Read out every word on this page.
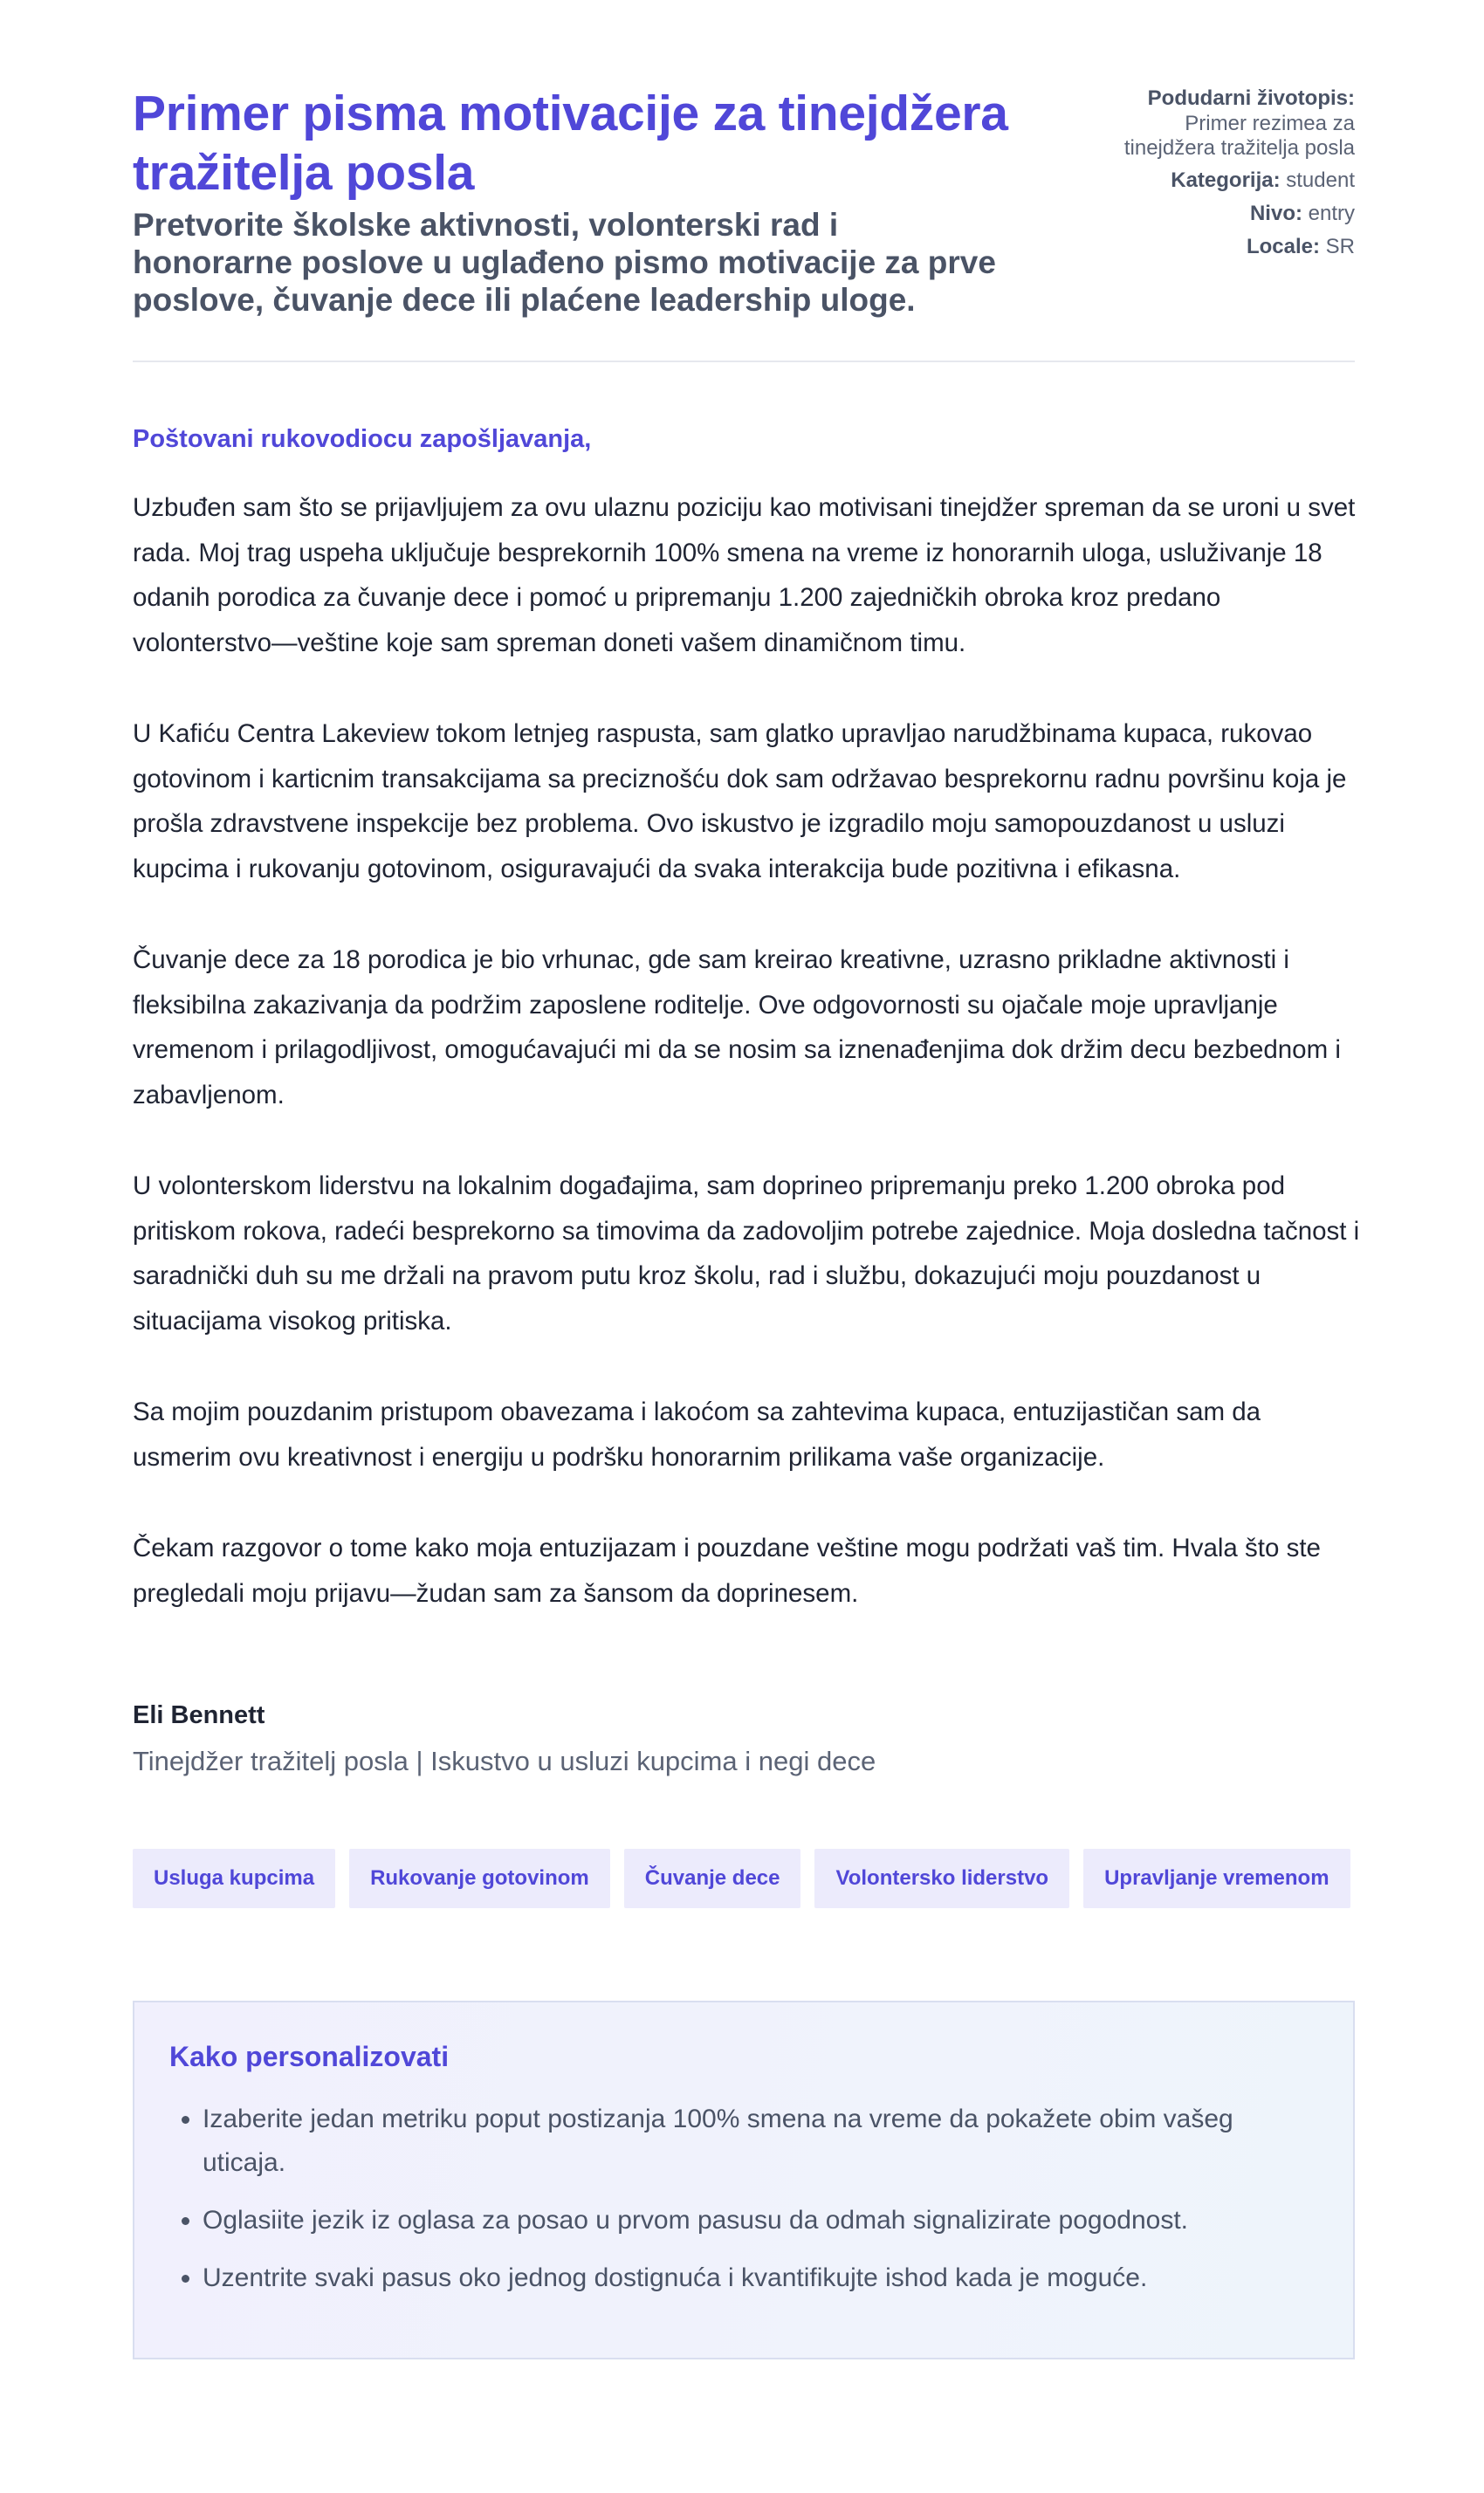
Primer pisma motivacije za tinejdžera tražitelja posla

Pretvorite školske aktivnosti, volonterski rad i honorarne poslove u uglađeno pismo motivacije za prve poslove, čuvanje dece ili plaćene leadership uloge.

Podudarni životopis:
Primer rezimea za tinejdžera tražitelja posla
Kategorija: student
Nivo: entry
Locale: SR

Poštovani rukovodiocu zapošljavanja,

Uzbuđen sam što se prijavljujem za ovu ulaznu poziciju kao motivisani tinejdžer spreman da se uroni u svet rada. Moj trag uspeha uključuje besprekornih 100% smena na vreme iz honorarnih uloga, usluživanje 18 odanih porodica za čuvanje dece i pomoć u pripremanju 1.200 zajedničkih obroka kroz predano volonterstvo—veštine koje sam spreman doneti vašem dinamičnom timu.

U Kafiću Centra Lakeview tokom letnjeg raspusta, sam glatko upravljao narudžbinama kupaca, rukovao gotovinom i karticnim transakcijama sa preciznošću dok sam održavao besprekornu radnu površinu koja je prošla zdravstvene inspekcije bez problema. Ovo iskustvo je izgradilo moju samopouzdanost u usluzi kupcima i rukovanju gotovinom, osiguravajući da svaka interakcija bude pozitivna i efikasna.

Čuvanje dece za 18 porodica je bio vrhunac, gde sam kreirao kreativne, uzrasno prikladne aktivnosti i fleksibilna zakazivanja da podržim zaposlene roditelje. Ove odgovornosti su ojačale moje upravljanje vremenom i prilagodljivost, omogućavajući mi da se nosim sa iznenađenjima dok držim decu bezbednom i zabavljenom.

U volonterskom liderstvu na lokalnim događajima, sam doprineo pripremanju preko 1.200 obroka pod pritiskom rokova, radeći besprekorno sa timovima da zadovoljim potrebe zajednice. Moja dosledna tačnost i saradnički duh su me držali na pravom putu kroz školu, rad i službu, dokazujući moju pouzdanost u situacijama visokog pritiska.

Sa mojim pouzdanim pristupom obavezama i lakoćom sa zahtevima kupaca, entuzijastičan sam da usmerim ovu kreativnost i energiju u podršku honorarnim prilikama vaše organizacije.

Čekam razgovor o tome kako moja entuzijazam i pouzdane veštine mogu podržati vaš tim. Hvala što ste pregledali moju prijavu—žudan sam za šansom da doprinesem.

Eli Bennett

Tinejdžer tražitelj posla | Iskustvo u usluzi kupcima i negi dece

Usluga kupcima	Rukovanje gotovinom	Čuvanje dece	Volontersko liderstvo	Upravljanje vremenom
Kako personalizovati
• Izaberite jedan metriku poput postizanja 100% smena na vreme da pokažete obim vašeg uticaja.
• Oglasiite jezik iz oglasa za posao u prvom pasusu da odmah signalizirate pogodnost.
• Uzentrite svaki pasus oko jednog dostignuća i kvantifikujte ishod kada je moguće.
